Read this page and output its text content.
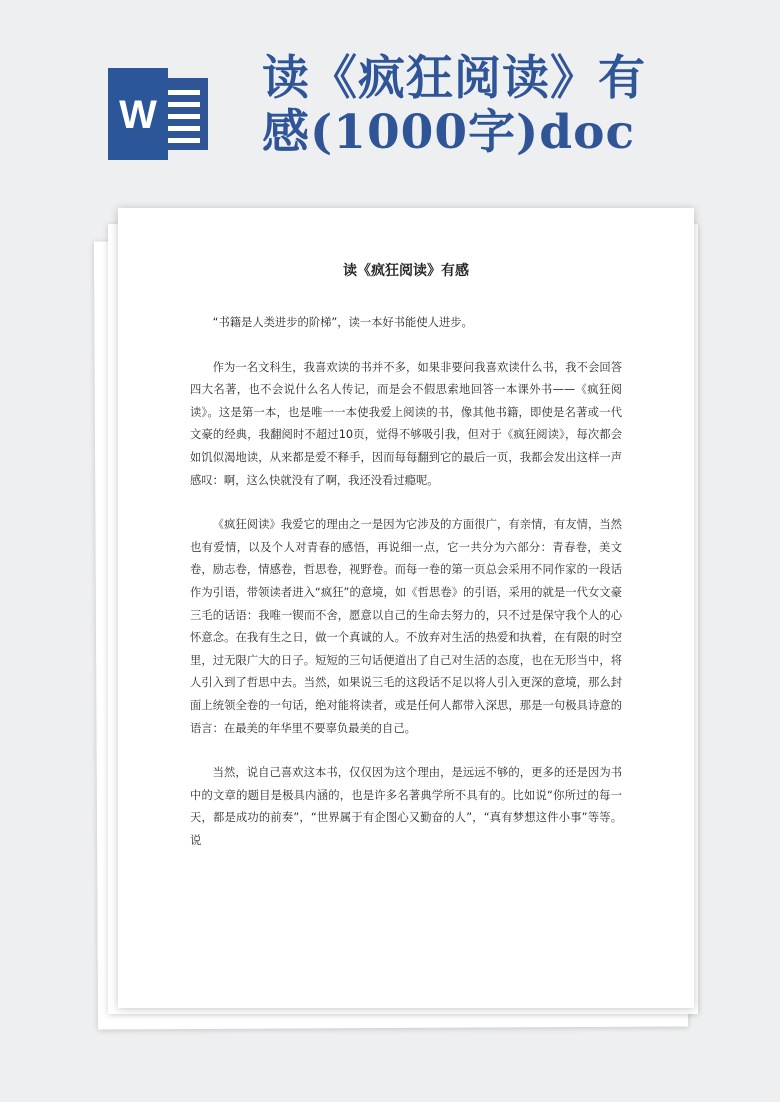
W
读《疯狂阅读》有
感(1000字)doc
读《疯狂阅读》有感

“书籍是人类进步的阶梯”，读一本好书能使人进步。

作为一名文科生，我喜欢读的书并不多，如果非要问我喜欢读什么书，我不会回答四大名著，也不会说什么名人传记，而是会不假思索地回答一本课外书——《疯狂阅读》。这是第一本，也是唯一一本使我爱上阅读的书，像其他书籍，即使是名著或一代文豪的经典，我翻阅时不超过10页，觉得不够吸引我，但对于《疯狂阅读》，每次都会如饥似渴地读，从来都是爱不释手，因而每每翻到它的最后一页，我都会发出这样一声感叹：啊，这么快就没有了啊，我还没看过瘾呢。

《疯狂阅读》我爱它的理由之一是因为它涉及的方面很广，有亲情，有友情，当然也有爱情，以及个人对青春的感悟，再说细一点，它一共分为六部分：青春卷，美文卷，励志卷，情感卷，哲思卷，视野卷。而每一卷的第一页总会采用不同作家的一段话作为引语，带领读者进入“疯狂”的意境，如《哲思卷》的引语，采用的就是一代女文豪三毛的话语：我唯一锲而不舍，愿意以自己的生命去努力的，只不过是保守我个人的心怀意念。在我有生之日，做一个真诚的人。不放弃对生活的热爱和执着，在有限的时空里，过无限广大的日子。短短的三句话便道出了自己对生活的态度，也在无形当中，将人引入到了哲思中去。当然，如果说三毛的这段话不足以将人引入更深的意境，那么封面上统领全卷的一句话，绝对能将读者，或是任何人都带入深思，那是一句极具诗意的语言：在最美的年华里不要辜负最美的自己。

当然，说自己喜欢这本书，仅仅因为这个理由，是远远不够的，更多的还是因为书中的文章的题目是极具内涵的，也是许多名著典学所不具有的。比如说“你所过的每一天，都是成功的前奏”，“世界属于有企图心又勤奋的人”，“真有梦想这件小事”等等。说
